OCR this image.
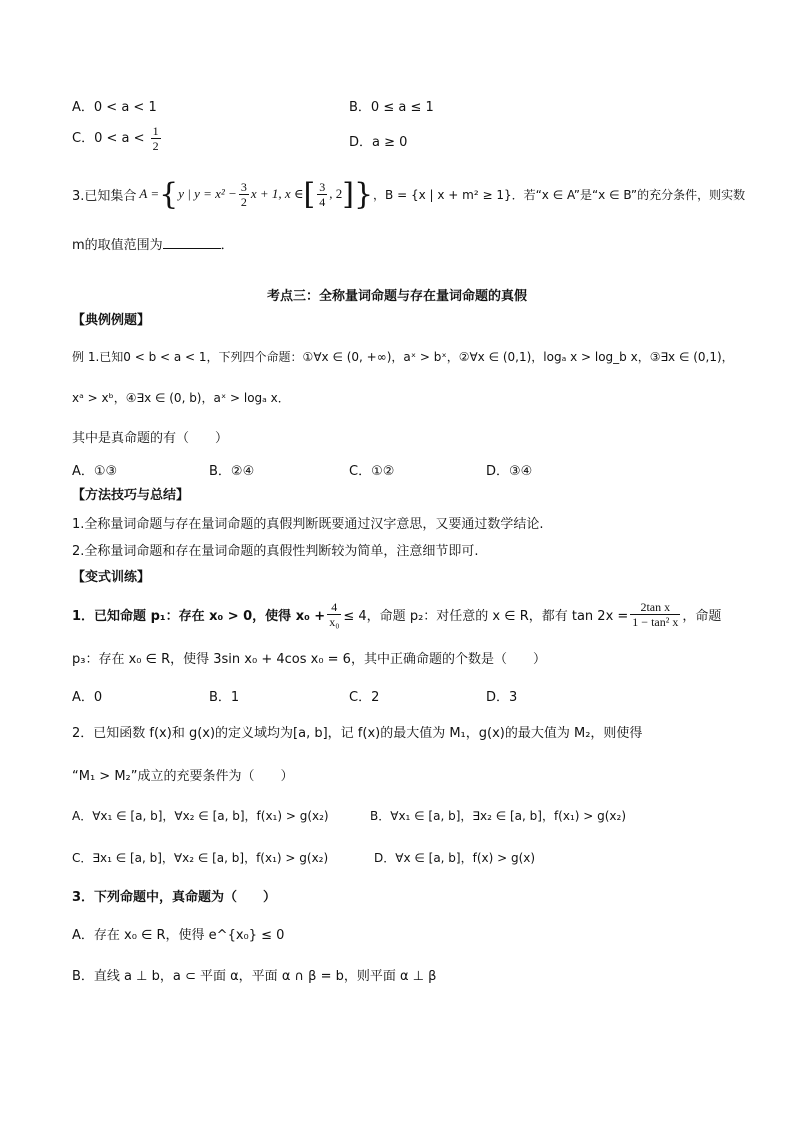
A．0 < a < 1	B．0 ≤ a ≤ 1
C．$0 < a < \frac{1}{2}$	D．a ≥ 0
3.已知集合 A = { y | $y = x^2 - \frac{3}{2}$ x + 1, x ∈ [ $\frac{3}{4}$ , 2 ] } ，B = {x | x + m² ≥ 1}．若“x ∈ A”是“x ∈ B”的充分条件，则实数
m的取值范围为	．
考点三：全称量词命题与存在量词命题的真假
【典例例题】
例 1.已知0 < b < a < 1，下列四个命题：①∀x ∈ (0, +∞)，aˣ > bˣ，②∀x ∈ (0,1)，logₐ x > log_b x，③∃x ∈ (0,1)，
xᵃ > xᵇ，④∃x ∈ (0, b)，aˣ > logₐ x．
其中是真命题的有（　　）
A．①③	B．②④	C．①②	D．③④
【方法技巧与总结】
1.全称量词命题与存在量词命题的真假判断既要通过汉字意思，又要通过数学结论.
2.全称量词命题和存在量词命题的真假性判断较为简单，注意细节即可.
【变式训练】
1．已知命题 p₁：存在 x₀ > 0，使得 $x_0 + \frac{4}{\text{x₀}} \le 4$，命题 p₂：对任意的 x ∈ R，都有 $\tan 2x = \frac{\text{2tan x}}{\text{1 − tan² x}}$ ，命题
p₃：存在 x₀ ∈ R，使得 3sin x₀ + 4cos x₀ = 6，其中正确命题的个数是（　　）
A．0	B．1	C．2	D．3
2．已知函数 f(x)和 g(x)的定义域均为[a, b]，记 f(x)的最大值为 M₁，g(x)的最大值为 M₂，则使得
“M₁ > M₂”成立的充要条件为（　　）
A．∀x₁ ∈ [a, b]，∀x₂ ∈ [a, b]，f(x₁) > g(x₂)	B．∀x₁ ∈ [a, b]，∃x₂ ∈ [a, b]，f(x₁) > g(x₂)
C．∃x₁ ∈ [a, b]，∀x₂ ∈ [a, b]，f(x₁) > g(x₂)	D．∀x ∈ [a, b]，f(x) > g(x)
3．下列命题中，真命题为（　　）
A．存在 x₀ ∈ R，使得 e^{x₀} ≤ 0
B．直线 a ⊥ b，a ⊂ 平面 α，平面 α ∩ β = b，则平面 α ⊥ β
